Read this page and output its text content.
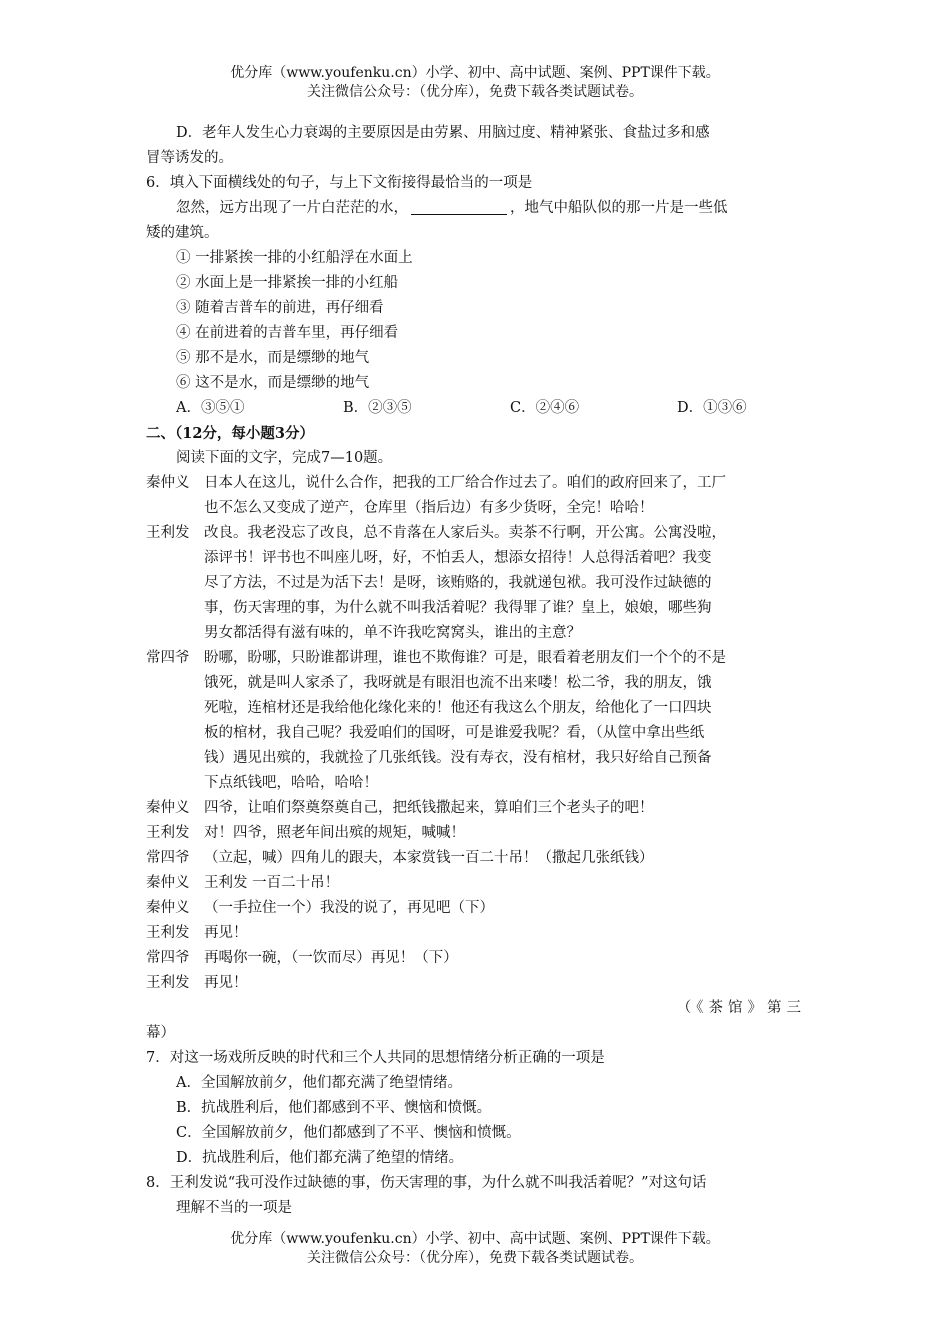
优分库（www.youfenku.cn）小学、初中、高中试题、案例、PPT课件下载。
关注微信公众号：（优分库），免费下载各类试题试卷。

D．老年人发生心力衰竭的主要原因是由劳累、用脑过度、精神紧张、食盐过多和感

冒等诱发的。

6．填入下面横线处的句子，与上下文衔接得最恰当的一项是

忽然，远方出现了一片白茫茫的水，	，地气中船队似的那一片是一些低

矮的建筑。

① 一排紧挨一排的小红船浮在水面上

② 水面上是一排紧挨一排的小红船

③ 随着吉普车的前进，再仔细看

④ 在前进着的吉普车里，再仔细看

⑤ 那不是水，而是缥缈的地气

⑥ 这不是水，而是缥缈的地气

A．③⑤①	B．②③⑤	C．②④⑥	D．①③⑥

二、（12分，每小题3分）

阅读下面的文字，完成7—10题。

秦仲义	日本人在这儿，说什么合作，把我的工厂给合作过去了。咱们的政府回来了，工厂
也不怎么又变成了逆产，仓库里（指后边）有多少货呀，全完！哈哈！
王利发	改良。我老没忘了改良，总不肯落在人家后头。卖茶不行啊，开公寓。公寓没啦，
添评书！评书也不叫座儿呀，好，不怕丢人，想添女招待！人总得活着吧？我变
尽了方法，不过是为活下去！是呀，该贿赂的，我就递包袱。我可没作过缺德的
事，伤天害理的事，为什么就不叫我活着呢？我得罪了谁？皇上，娘娘，哪些狗
男女都活得有滋有味的，单不许我吃窝窝头，谁出的主意？
常四爷	盼哪，盼哪，只盼谁都讲理，谁也不欺侮谁？可是，眼看着老朋友们一个个的不是
饿死，就是叫人家杀了，我呀就是有眼泪也流不出来喽！松二爷，我的朋友，饿
死啦，连棺材还是我给他化缘化来的！他还有我这么个朋友，给他化了一口四块
板的棺材，我自己呢？我爱咱们的国呀，可是谁爱我呢？看，（从筐中拿出些纸
钱）遇见出殡的，我就捡了几张纸钱。没有寿衣，没有棺材，我只好给自己预备
下点纸钱吧，哈哈，哈哈！
秦仲义	四爷，让咱们祭奠祭奠自己，把纸钱撒起来，算咱们三个老头子的吧！
王利发	对！四爷，照老年间出殡的规矩，喊喊！
常四爷	（立起，喊）四角儿的跟夫，本家赏钱一百二十吊！（撒起几张纸钱）
秦仲义	王利发 一百二十吊！
秦仲义	（一手拉住一个）我没的说了，再见吧（下）
王利发	再见！
常四爷	再喝你一碗，（一饮而尽）再见！（下）
王利发	再见！

（《茶馆》第三

幕）

7．对这一场戏所反映的时代和三个人共同的思想情绪分析正确的一项是

A．全国解放前夕，他们都充满了绝望情绪。

B．抗战胜利后，他们都感到不平、懊恼和愤慨。

C．全国解放前夕，他们都感到了不平、懊恼和愤慨。

D．抗战胜利后，他们都充满了绝望的情绪。

8．王利发说“我可没作过缺德的事，伤天害理的事，为什么就不叫我活着呢？”对这句话

理解不当的一项是

优分库（www.youfenku.cn）小学、初中、高中试题、案例、PPT课件下载。
关注微信公众号：（优分库），免费下载各类试题试卷。
